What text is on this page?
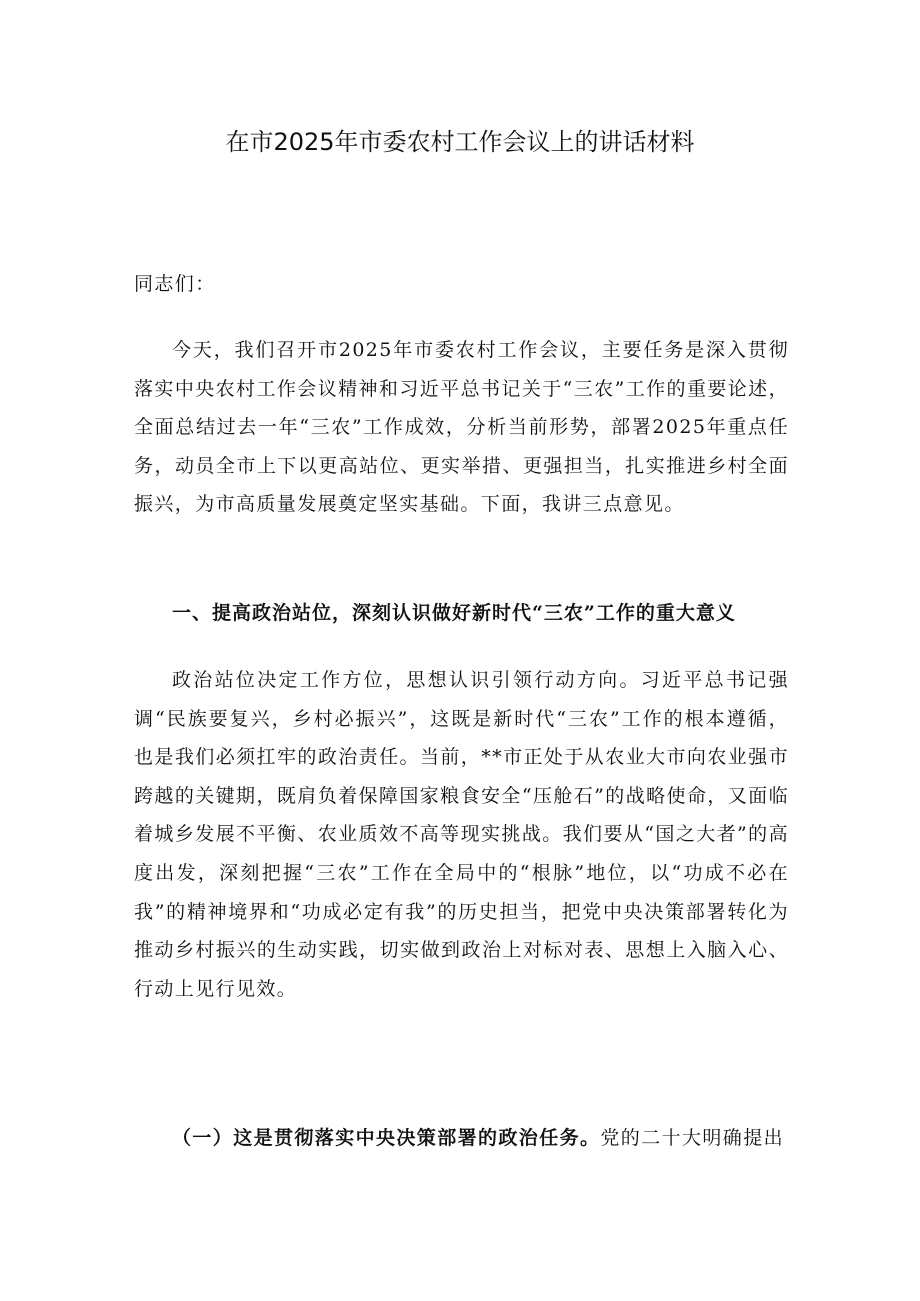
在市2025年市委农村工作会议上的讲话材料
同志们：
今天，我们召开市2025年市委农村工作会议，主要任务是深入贯彻落实中央农村工作会议精神和习近平总书记关于“三农”工作的重要论述，全面总结过去一年“三农”工作成效，分析当前形势，部署2025年重点任务，动员全市上下以更高站位、更实举措、更强担当，扎实推进乡村全面振兴，为市高质量发展奠定坚实基础。下面，我讲三点意见。
一、提高政治站位，深刻认识做好新时代“三农”工作的重大意义
政治站位决定工作方位，思想认识引领行动方向。习近平总书记强调“民族要复兴，乡村必振兴”，这既是新时代“三农”工作的根本遵循，也是我们必须扛牢的政治责任。当前，**市正处于从农业大市向农业强市跨越的关键期，既肩负着保障国家粮食安全“压舱石”的战略使命，又面临着城乡发展不平衡、农业质效不高等现实挑战。我们要从“国之大者”的高度出发，深刻把握“三农”工作在全局中的“根脉”地位，以“功成不必在我”的精神境界和“功成必定有我”的历史担当，把党中央决策部署转化为推动乡村振兴的生动实践，切实做到政治上对标对表、思想上入脑入心、行动上见行见效。
（一）这是贯彻落实中央决策部署的政治任务。党的二十大明确提出
